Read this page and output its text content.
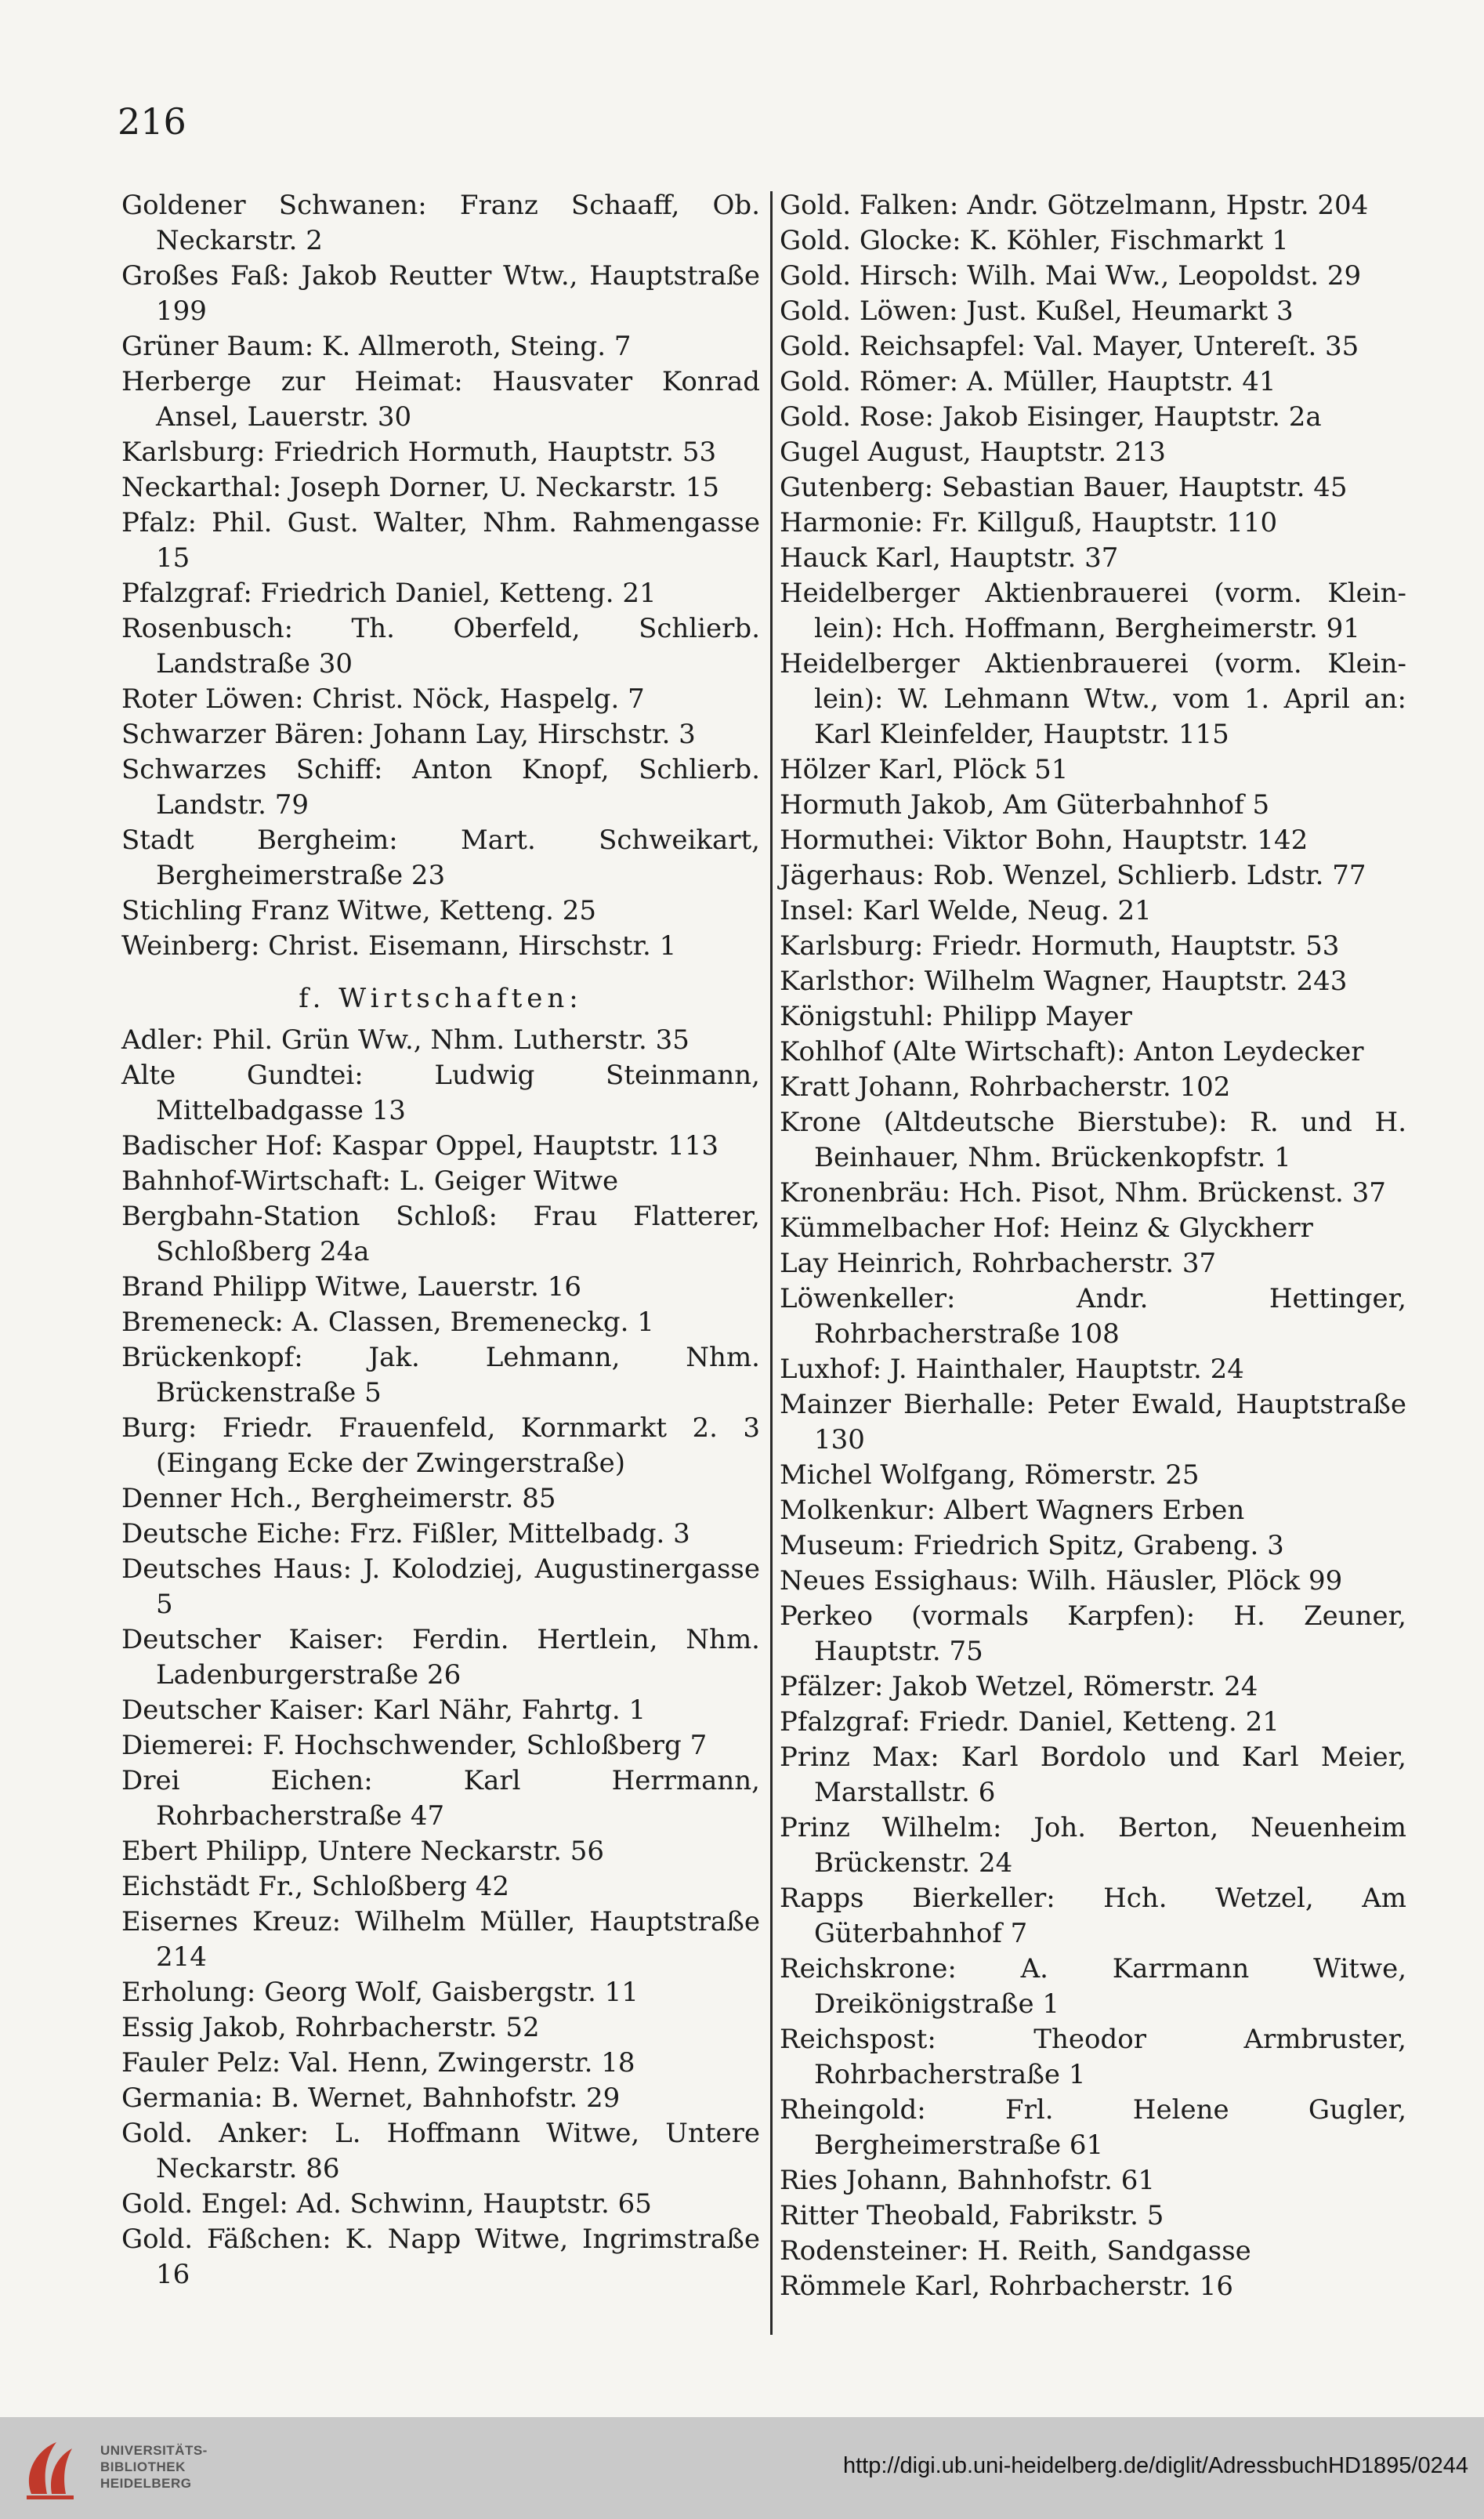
216
Goldener Schwanen: Franz Schaaff, Ob. Neckarstr. 2
Großes Faß: Jakob Reutter Wtw., Hauptstraße 199
Grüner Baum: K. Allmeroth, Steing. 7
Herberge zur Heimat: Hausvater Konrad Ansel, Lauerstr. 30
Karlsburg: Friedrich Hormuth, Hauptstr. 53
Neckarthal: Joseph Dorner, U. Neckarstr. 15
Pfalz: Phil. Gust. Walter, Nhm. Rahmengasse 15
Pfalzgraf: Friedrich Daniel, Ketteng. 21
Rosenbusch: Th. Oberfeld, Schlierb. Landstraße 30
Roter Löwen: Christ. Nöck, Haspelg. 7
Schwarzer Bären: Johann Lay, Hirschstr. 3
Schwarzes Schiff: Anton Knopf, Schlierb. Landstr. 79
Stadt Bergheim: Mart. Schweikart, Bergheimerstraße 23
Stichling Franz Witwe, Ketteng. 25
Weinberg: Christ. Eisemann, Hirschstr. 1
f. Wirtschaften:
Adler: Phil. Grün Ww., Nhm. Lutherstr. 35
Alte Gundtei: Ludwig Steinmann, Mittelbadgasse 13
Badischer Hof: Kaspar Oppel, Hauptstr. 113
Bahnhof-Wirtschaft: L. Geiger Witwe
Bergbahn-Station Schloß: Frau Flatterer, Schloßberg 24a
Brand Philipp Witwe, Lauerstr. 16
Bremeneck: A. Classen, Bremeneckg. 1
Brückenkopf: Jak. Lehmann, Nhm. Brückenstraße 5
Burg: Friedr. Frauenfeld, Kornmarkt 2. 3 (Eingang Ecke der Zwingerstraße)
Denner Hch., Bergheimerstr. 85
Deutsche Eiche: Frz. Fißler, Mittelbadg. 3
Deutsches Haus: J. Kolodziej, Augustinergasse 5
Deutscher Kaiser: Ferdin. Hertlein, Nhm. Ladenburgerstraße 26
Deutscher Kaiser: Karl Nähr, Fahrtg. 1
Diemerei: F. Hochschwender, Schloßberg 7
Drei Eichen: Karl Herrmann, Rohrbacherstraße 47
Ebert Philipp, Untere Neckarstr. 56
Eichstädt Fr., Schloßberg 42
Eisernes Kreuz: Wilhelm Müller, Hauptstraße 214
Erholung: Georg Wolf, Gaisbergstr. 11
Essig Jakob, Rohrbacherstr. 52
Fauler Pelz: Val. Henn, Zwingerstr. 18
Germania: B. Wernet, Bahnhofstr. 29
Gold. Anker: L. Hoffmann Witwe, Untere Neckarstr. 86
Gold. Engel: Ad. Schwinn, Hauptstr. 65
Gold. Fäßchen: K. Napp Witwe, Ingrimstraße 16
Gold. Falken: Andr. Götzelmann, Hpstr. 204
Gold. Glocke: K. Köhler, Fischmarkt 1
Gold. Hirsch: Wilh. Mai Ww., Leopoldst. 29
Gold. Löwen: Just. Kußel, Heumarkt 3
Gold. Reichsapfel: Val. Mayer, Untereſt. 35
Gold. Römer: A. Müller, Hauptstr. 41
Gold. Rose: Jakob Eisinger, Hauptstr. 2a
Gugel August, Hauptstr. 213
Gutenberg: Sebastian Bauer, Hauptstr. 45
Harmonie: Fr. Killguß, Hauptstr. 110
Hauck Karl, Hauptstr. 37
Heidelberger Aktienbrauerei (vorm. Klein-lein): Hch. Hoffmann, Bergheimerstr. 91
Heidelberger Aktienbrauerei (vorm. Klein-lein): W. Lehmann Wtw., vom 1. April an: Karl Kleinfelder, Hauptstr. 115
Hölzer Karl, Plöck 51
Hormuth Jakob, Am Güterbahnhof 5
Hormuthei: Viktor Bohn, Hauptstr. 142
Jägerhaus: Rob. Wenzel, Schlierb. Ldstr. 77
Insel: Karl Welde, Neug. 21
Karlsburg: Friedr. Hormuth, Hauptstr. 53
Karlsthor: Wilhelm Wagner, Hauptstr. 243
Königstuhl: Philipp Mayer
Kohlhof (Alte Wirtschaft): Anton Leydecker
Kratt Johann, Rohrbacherstr. 102
Krone (Altdeutsche Bierstube): R. und H. Beinhauer, Nhm. Brückenkopfstr. 1
Kronenbräu: Hch. Pisot, Nhm. Brückenst. 37
Kümmelbacher Hof: Heinz & Glyckherr
Lay Heinrich, Rohrbacherstr. 37
Löwenkeller: Andr. Hettinger, Rohrbacherstraße 108
Luxhof: J. Hainthaler, Hauptstr. 24
Mainzer Bierhalle: Peter Ewald, Hauptstraße 130
Michel Wolfgang, Römerstr. 25
Molkenkur: Albert Wagners Erben
Museum: Friedrich Spitz, Grabeng. 3
Neues Essighaus: Wilh. Häusler, Plöck 99
Perkeo (vormals Karpfen): H. Zeuner, Hauptstr. 75
Pfälzer: Jakob Wetzel, Römerstr. 24
Pfalzgraf: Friedr. Daniel, Ketteng. 21
Prinz Max: Karl Bordolo und Karl Meier, Marstallstr. 6
Prinz Wilhelm: Joh. Berton, Neuenheim Brückenstr. 24
Rapps Bierkeller: Hch. Wetzel, Am Güterbahnhof 7
Reichskrone: A. Karrmann Witwe, Dreikönigstraße 1
Reichspost: Theodor Armbruster, Rohrbacherstraße 1
Rheingold: Frl. Helene Gugler, Bergheimerstraße 61
Ries Johann, Bahnhofstr. 61
Ritter Theobald, Fabrikstr. 5
Rodensteiner: H. Reith, Sandgasse
Römmele Karl, Rohrbacherstr. 16
UNIVERSITÄTS-
BIBLIOTHEK
HEIDELBERG
http://digi.ub.uni-heidelberg.de/diglit/AdressbuchHD1895/0244
